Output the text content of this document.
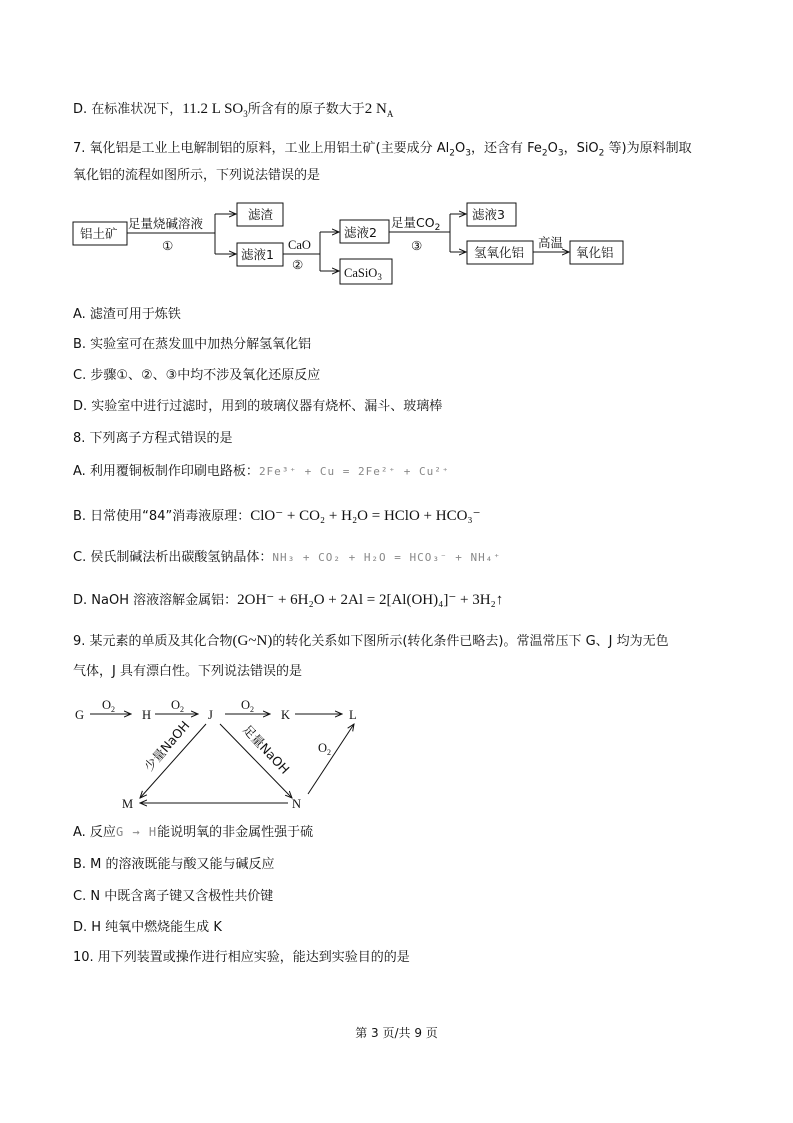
D. 在标准状况下，11.2 L $SO_3$所含有的原子数大于2 $N_A$
7. 氧化铝是工业上电解制铝的原料，工业上用铝土矿(主要成分 $Al_2O_3$，还含有 $Fe_2O_3$，SiO$_2$ 等)为原料制取
氧化铝的流程如图所示，下列说法错误的是
铝土矿
足量烧碱溶液
①
滤渣
滤液1
CaO
②
滤液2
CaSiO$_3$
足量$CO_2$
③
滤液3
氢氧化铝
高温
氧化铝
A. 滤渣可用于炼铁
B. 实验室可在蒸发皿中加热分解氢氧化铝
C. 步骤①、②、③中均不涉及氧化还原反应
D. 实验室中进行过滤时，用到的玻璃仪器有烧杯、漏斗、玻璃棒
8. 下列离子方程式错误的是
A. 利用覆铜板制作印刷电路板：2Fe³⁺ + Cu = 2Fe²⁺ + Cu²⁺
B. 日常使用“84”消毒液原理：ClO⁻ + CO₂ + H₂O = HClO + HCO₃⁻
C. 侯氏制碱法析出碳酸氢钠晶体：NH₃ + CO₂ + H₂O = HCO₃⁻ + NH₄⁺
D. NaOH 溶液溶解金属铝：2OH⁻ + 6H₂O + 2Al = 2[Al(OH)₄]⁻ + 3H₂↑
9. 某元素的单质及其化合物(G~N)的转化关系如下图所示(转化条件已略去)。常温常压下 G、J 均为无色
气体，J 具有漂白性。下列说法错误的是
G	H	J	K	L
M	N
$O_2$	$O_2$	$O_2$
$O_2$
少量NaOH	足量NaOH
A. 反应G → H能说明氧的非金属性强于硫
B. M 的溶液既能与酸又能与碱反应
C. N 中既含离子键又含极性共价键
D. H 纯氧中燃烧能生成 K
10. 用下列装置或操作进行相应实验，能达到实验目的的是
第 3 页/共 9 页
